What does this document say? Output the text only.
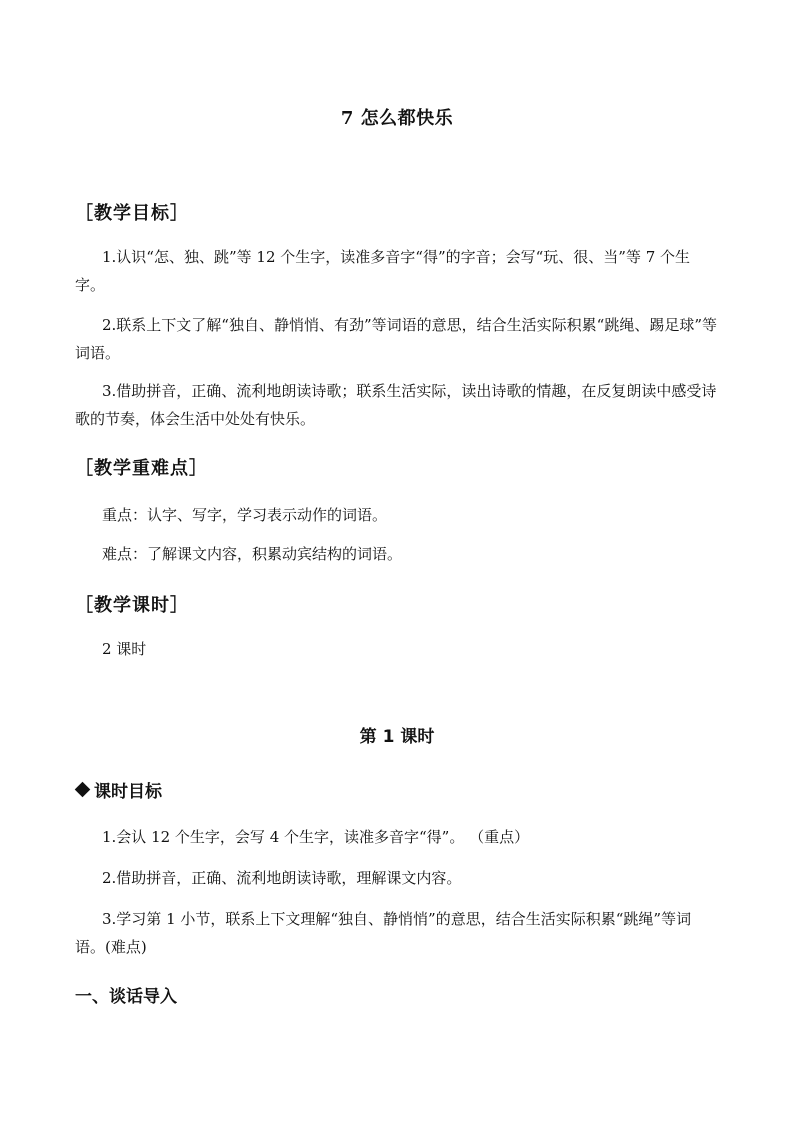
7 怎么都快乐
［教学目标］
1.认识“怎、独、跳”等 12 个生字，读准多音字“得”的字音；会写“玩、很、当”等 7 个生字。
2.联系上下文了解“独自、静悄悄、有劲”等词语的意思，结合生活实际积累“跳绳、踢足球”等词语。
3.借助拼音，正确、流利地朗读诗歌；联系生活实际，读出诗歌的情趣，在反复朗读中感受诗歌的节奏，体会生活中处处有快乐。
［教学重难点］
重点：认字、写字，学习表示动作的词语。
难点：了解课文内容，积累动宾结构的词语。
［教学课时］
2 课时
第 1 课时
课时目标
1.会认 12 个生字，会写 4 个生字，读准多音字“得”。 （重点）
2.借助拼音，正确、流利地朗读诗歌，理解课文内容。
3.学习第 1 小节，联系上下文理解“独自、静悄悄”的意思，结合生活实际积累“跳绳”等词语。(难点)
一、谈话导入
